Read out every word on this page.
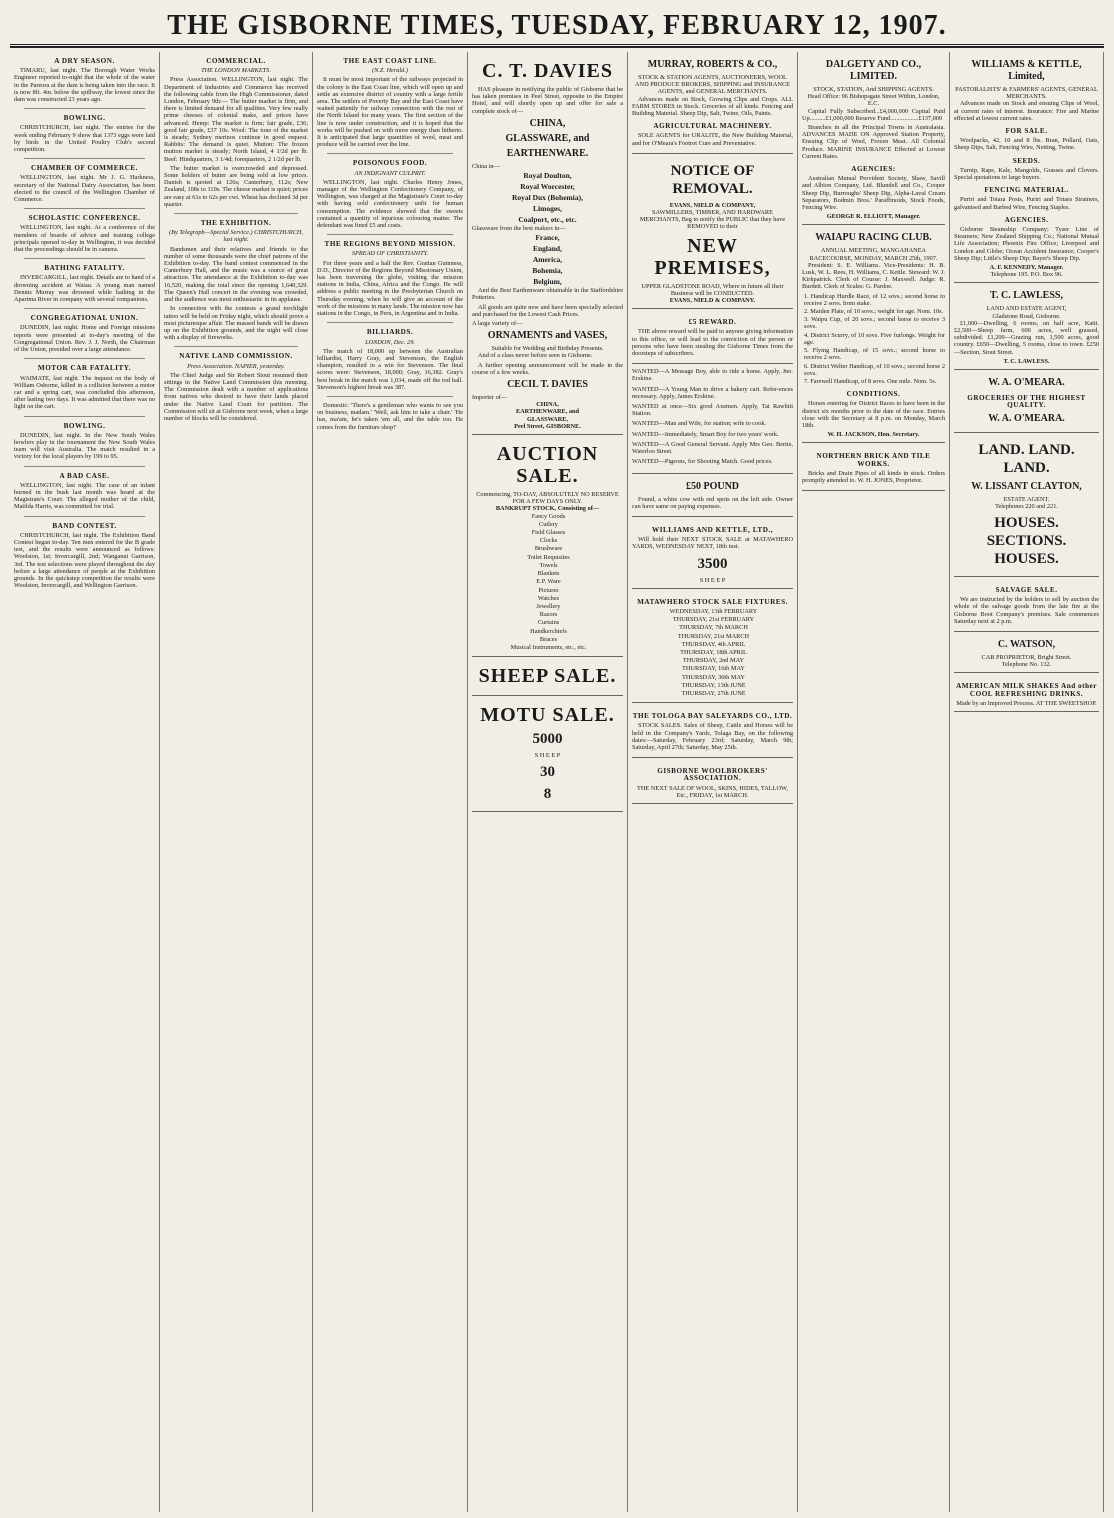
THE GISBORNE TIMES, TUESDAY, FEBRUARY 12, 1907.
A DRY SEASON.

TIMARU, last night. The Borough Water Works Engineer reported to-night that the whole of the water in the Pareora at the dam is being taken into the race. It is now 8ft. 4in. below the spillway, the lowest since the dam was constructed 23 years ago.

BOWLING.

CHRISTCHURCH, last night. The entries for the week ending February 9 show that 1373 eggs were laid by birds in the United Poultry Club's second competition.

CHAMBER OF COMMERCE.

WELLINGTON, last night. Mr J. G. Harkness, secretary of the National Dairy Association, has been elected to the council of the Wellington Chamber of Commerce.

SCHOLASTIC CONFERENCE.

WELLINGTON, last night. At a conference of the members of boards of advice and training college principals opened to-day in Wellington, it was decided that the proceedings should be in camera.

BATHING FATALITY.

INVERCARGILL, last night. Details are to hand of a drowning accident at Waiau. A young man named Dennis Murray was drowned while bathing in the Aparima River in company with several companions.

CONGREGATIONAL UNION.

DUNEDIN, last night. Home and Foreign missions reports were presented at to-day's meeting of the Congregational Union. Rev. J. J. North, the Chairman of the Union, presided over a large attendance.

MOTOR CAR FATALITY.

WAIMATE, last night. The inquest on the body of William Osborne, killed in a collision between a motor car and a spring cart, was concluded this afternoon, after lasting two days. It was admitted that there was no light on the cart.

BOWLING.

DUNEDIN, last night. In the New South Wales bowlers play in the tournament the New South Wales team will visit Australia. The match resulted in a victory for the local players by 199 to 95.

A BAD CASE.

WELLINGTON, last night. The case of an infant burned in the bush last month was heard at the Magistrate's Court. The alleged mother of the child, Matilda Harris, was committed for trial.

BAND CONTEST.

CHRISTCHURCH, last night. The Exhibition Band Contest began to-day. Ten men entered for the B grade test, and the results were announced as follows: Woolston, 1st; Invercargill, 2nd; Wanganui Garrison, 3rd. The test selections were played throughout the day before a large attendance of people at the Exhibition grounds. In the quickstep competition the results were Woolston, Invercargill, and Wellington Garrison.

COMMERCIAL.
THE LONDON MARKETS.

Press Association. WELLINGTON, last night. The Department of Industries and Commerce has received the following cable from the High Commissioner, dated London, February 9th:— The butter market is firm, and there is limited demand for all qualities. Very few really prime cheeses of colonial make, and prices have advanced. Hemp: The market is firm; fair grade, £36; good fair grade, £37 10s. Wool: The tone of the market is steady; Sydney merinos continue in good request. Rabbits: The demand is quiet. Mutton: The frozen mutton market is steady; North Island, 4 1/2d per lb. Beef: Hindquarters, 3 1/4d; forequarters, 2 1/2d per lb.

The butter market is overcrowded and depressed. Some holders of butter are being sold at low prices. Danish is quoted at 126s; Canterbury, 112s; New Zealand, 108s to 110s. The cheese market is quiet; prices are easy at 61s to 62s per cwt. Wheat has declined 3d per quarter.

THE EXHIBITION.
(By Telegraph—Special Service.) CHRISTCHURCH, last night.

Bandsmen and their relatives and friends to the number of some thousands were the chief patrons of the Exhibition to-day. The band contest commenced in the Canterbury Hall, and the music was a source of great attraction. The attendance at the Exhibition to-day was 16,520, making the total since the opening 1,640,329. The Queen's Hall concert in the evening was crowded, and the audience was most enthusiastic in its applause.

In connection with the contests a grand torchlight tattoo will be held on Friday night, which should prove a most picturesque affair. The massed bands will be drawn up on the Exhibition grounds, and the night will close with a display of fireworks.

NATIVE LAND COMMISSION.
Press Association. NAPIER, yesterday.

The Chief Judge and Sir Robert Stout resumed their sittings in the Native Land Commission this morning. The Commission dealt with a number of applications from natives who desired to have their lands placed under the Native Land Court for partition. The Commission will sit at Gisborne next week, when a large number of blocks will be considered.

THE EAST COAST LINE.
(N.Z. Herald.)

It must be most important of the railways projected in the colony is the East Coast line, which will open up and settle an extensive district of country with a large fertile area. The settlers of Poverty Bay and the East Coast have waited patiently for railway connection with the rest of the North Island for many years. The first section of the line is now under construction, and it is hoped that the works will be pushed on with more energy than hitherto. It is anticipated that large quantities of wool, meat and produce will be carried over the line.

POISONOUS FOOD.
AN INDIGNANT CULPRIT.

WELLINGTON, last night. Charles Henry Jones, manager of the Wellington Confectionery Company, of Wellington, was charged at the Magistrate's Court to-day with having sold confectionery unfit for human consumption. The evidence showed that the sweets contained a quantity of injurious colouring matter. The defendant was fined £5 and costs.

THE REGIONS BEYOND MISSION.
SPREAD OF CHRISTIANITY.

For three years and a half the Rev. Grattan Guinness, D.D., Director of the Regions Beyond Missionary Union, has been traversing the globe, visiting the mission stations in India, China, Africa and the Congo. He will address a public meeting in the Presbyterian Church on Thursday evening, when he will give an account of the work of the missions in many lands. The mission now has stations in the Congo, in Peru, in Argentina and in India.

BILLIARDS.
LONDON, Dec. 29.

The match of 18,000 up between the Australian billiardist, Harry Gray, and Stevenson, the English champion, resulted in a win for Stevenson. The final scores were: Stevenson, 18,000; Gray, 16,382. Gray's best break in the match was 1,034, made off the red ball. Stevenson's highest break was 387.

Domestic: 'There's a gentleman who wants to see you on business, madam.' 'Well, ask him to take a chair.' 'He has, ma'am, he's taken 'em all, and the table too. He comes from the furniture shop!'

C. T. DAVIES

HAS pleasure in notifying the public of Gisborne that he has taken premises in Peel Street, opposite to the Empire Hotel, and will shortly open up and offer for sale a complete stock of—

CHINA,
GLASSWARE, and
EARTHENWARE.
China in—
Royal Doulton,
Royal Worcester,
Royal Dux (Bohemia),
Limoges,
Coalport, etc., etc.
Glassware from the best makers in—
France,
England,
America,
Bohemia,
Belgium,

And the Best Earthenware obtainable in the Staffordshire Potteries.

All goods are quite new and have been specially selected and purchased for the Lowest Cash Prices.

A large variety of—
ORNAMENTS and VASES,
Suitable for Wedding and Birthday Presents.

And of a class never before seen in Gisborne.

A further opening announcement will be made in the course of a few weeks.

CECIL T. DAVIES
Importer of—
CHINA,
EARTHENWARE, and
GLASSWARE,
Peel Street, GISBORNE.
AUCTION SALE.
Commencing, TO-DAY, ABSOLUTELY NO RESERVE FOR A FEW DAYS ONLY.
BANKRUPT STOCK, Consisting of—
Fancy Goods
Cutlery
Field Glasses
Clocks
Brushware
Toilet Requisites
Towels
Blankets
E.P. Ware
Pictures
Watches
Jewellery
Razors
Curtains
Handkerchiefs
Braces
Musical Instruments, etc., etc.
SHEEP SALE.
MOTU SALE.
5000
S H E E P
30
8
MURRAY, ROBERTS & CO.,
STOCK & STATION AGENTS, AUCTIONEERS, WOOL AND PRODUCE BROKERS, SHIPPING and INSURANCE AGENTS, and GENERAL MERCHANTS.

Advances made on Stock, Growing Clips and Crops. ALL FARM STORES in Stock. Groceries of all kinds. Fencing and Building Material. Sheep Dip, Salt, Twine, Oils, Paints.

AGRICULTURAL MACHINERY.

SOLE AGENTS for URALITE, the New Building Material, and for O'Meara's Footrot Cure and Preventative.

NOTICE OF REMOVAL.
EVANS, NIELD & COMPANY,
SAWMILLERS, TIMBER, AND HARDWARE MERCHANTS, Beg to notify the PUBLIC that they have REMOVED to their
NEW PREMISES,
UPPER GLADSTONE ROAD, Where in future all their Business will be CONDUCTED.
EVANS, NIELD & COMPANY.
£5 REWARD.

THE above reward will be paid to anyone giving information to this office, or will lead to the conviction of the person or persons who have been stealing the Gisborne Times from the doorsteps of subscribers.

WANTED—A Message Boy, able to ride a horse. Apply, Jno. Erskine.
WANTED—A Young Man to drive a bakery cart. Refer-ences necessary. Apply, James Erskine.
WANTED at once—Six good Axemen. Apply, Tai Rawhiti Station.
WANTED—Man and Wife, for station; wife to cook.
WANTED—Immediately, Smart Boy for two years' work.
WANTED—A Good General Servant. Apply Mrs Geo. Bertie, Waterloo Street.
WANTED—Pigeons, for Shooting Match. Good prices.
£50 POUND

Found, a white cow with red spots on the left side. Owner can have same on paying expenses.

WILLIAMS AND KETTLE, LTD.,

Will hold their NEXT STOCK SALE at MATAWHERO YARDS, WEDNESDAY NEXT, 18th inst.

3500
S H E E P
MATAWHERO STOCK SALE FIXTURES.
WEDNESDAY, 13th FEBRUARY
THURSDAY, 21st FEBRUARY
THURSDAY, 7th MARCH
THURSDAY, 21st MARCH
THURSDAY, 4th APRIL
THURSDAY, 18th APRIL
THURSDAY, 2nd MAY
THURSDAY, 16th MAY
THURSDAY, 30th MAY
THURSDAY, 13th JUNE
THURSDAY, 27th JUNE
THE TOLOGA BAY SALEYARDS CO., LTD.

STOCK SALES. Sales of Sheep, Cattle and Horses will be held in the Company's Yards, Tolaga Bay, on the following dates:—Saturday, February 23rd; Saturday, March 9th; Saturday, April 27th; Saturday, May 25th.

GISBORNE WOOLBROKERS' ASSOCIATION.
THE NEXT SALE OF WOOL, SKINS, HIDES, TALLOW, Etc., FRIDAY, 1st MARCH.
DALGETY AND CO., LIMITED.
STOCK, STATION, And SHIPPING AGENTS.
Head Office: 96 Bishopsgate Street Within, London, E.C.

Capital Fully Subscribed...£4,000,000 Capital Paid Up..........£1,000,000 Reserve Fund..................£137,000

Branches in all the Principal Towns in Australasia. ADVANCES MADE ON Approved Station Property, Ensuing Clip of Wool, Frozen Meat. All Colonial Produce. MARINE INSURANCE Effected at Lowest Current Rates.

AGENCIES:

Australian Mutual Provident Society, Shaw, Savill and Albion Company, Ltd. Blundell and Co., Cooper Sheep Dip, Burroughs' Sheep Dip, Alpha-Laval Cream Separators, Bodmin Bros.' Paraffinoids, Stock Foods, Fencing Wire.

GEORGE R. ELLIOTT, Manager.
WAIAPU RACING CLUB.
ANNUAL MEETING, MANGAHANEA RACECOURSE, MONDAY, MARCH 25th, 1907.

President: S. E. Williams. Vice-Presidents: H. B. Lusk, W. L. Rees, H. Williams, C. Kettle. Steward: W. J. Kirkpatrick. Clerk of Course: J. Maxwell. Judge: R. Burdett. Clerk of Scales: G. Pardoe.

1. Handicap Hurdle Race, of 12 sovs.; second horse to receive 2 sovs. from stake.
2. Maiden Plate, of 10 sovs.; weight for age. Nom. 10s.
3. Waipu Cup, of 20 sovs.; second horse to receive 3 sovs.
4. District Scurry, of 10 sovs. Five furlongs. Weight for age.
5. Flying Handicap, of 15 sovs.; second horse to receive 2 sovs.
6. District Welter Handicap, of 10 sovs.; second horse 2 sovs.
7. Farewell Handicap, of 8 sovs. One mile. Nom. 5s.
CONDITIONS.

Horses entering for District Races to have been in the district six months prior to the date of the race. Entries close with the Secretary at 8 p.m. on Monday, March 18th.

W. H. JACKSON, Hon. Secretary.
NORTHERN BRICK AND TILE WORKS.

Bricks and Drain Pipes of all kinds in stock. Orders promptly attended to. W. H. JONES, Proprietor.

WILLIAMS & KETTLE, Limited,
PASTORALISTS' & FARMERS' AGENTS, GENERAL MERCHANTS.

Advances made on Stock and ensuing Clips of Wool, at current rates of interest. Insurance: Fire and Marine effected at lowest current rates.

FOR SALE.

Woolpacks, 42, 10 and 8 lbs. Bran, Pollard, Oats, Sheep Dips, Salt, Fencing Wire, Netting, Twine.

SEEDS.

Turnip, Rape, Kale, Mangolds, Grasses and Clovers. Special quotations to large buyers.

FENCING MATERIAL.

Puriri and Totara Posts, Puriri and Totara Strainers, galvanised and Barbed Wire, Fencing Staples.

AGENCIES.

Gisborne Steamship Company; Tyser Line of Steamers; New Zealand Shipping Co.; National Mutual Life Association; Phoenix Fire Office; Liverpool and London and Globe; Ocean Accident Insurance; Cooper's Sheep Dip; Little's Sheep Dip; Bayer's Sheep Dip.

A. F. KENNEDY, Manager.
Telephone 195. P.O. Box 96.
T. C. LAWLESS,
LAND AND ESTATE AGENT,
Gladstone Road, Gisborne.

£1,000—Dwelling, 6 rooms, on half acre, Kaiti. £2,500—Sheep farm, 600 acres, well grassed, subdivided. £1,200—Grazing run, 1,500 acres, good country. £650—Dwelling, 5 rooms, close to town. £250—Section, Stout Street.

T. C. LAWLESS.
W. A. O'MEARA.
GROCERIES OF THE HIGHEST QUALITY.
W. A. O'MEARA.
LAND. LAND. LAND.
W. LISSANT CLAYTON,
ESTATE AGENT.
Telephones 220 and 221.
HOUSES. SECTIONS. HOUSES.
SALVAGE SALE.

We are instructed by the holders to sell by auction the whole of the salvage goods from the late fire at the Gisborne Boot Company's premises. Sale commences Saturday next at 2 p.m.

C. WATSON,
CAB PROPRIETOR, Bright Street.
Telephone No. 132.
AMERICAN MILK SHAKES And other COOL REFRESHING DRINKS.
Made by an Improved Process. AT THE SWEETSHOP.
